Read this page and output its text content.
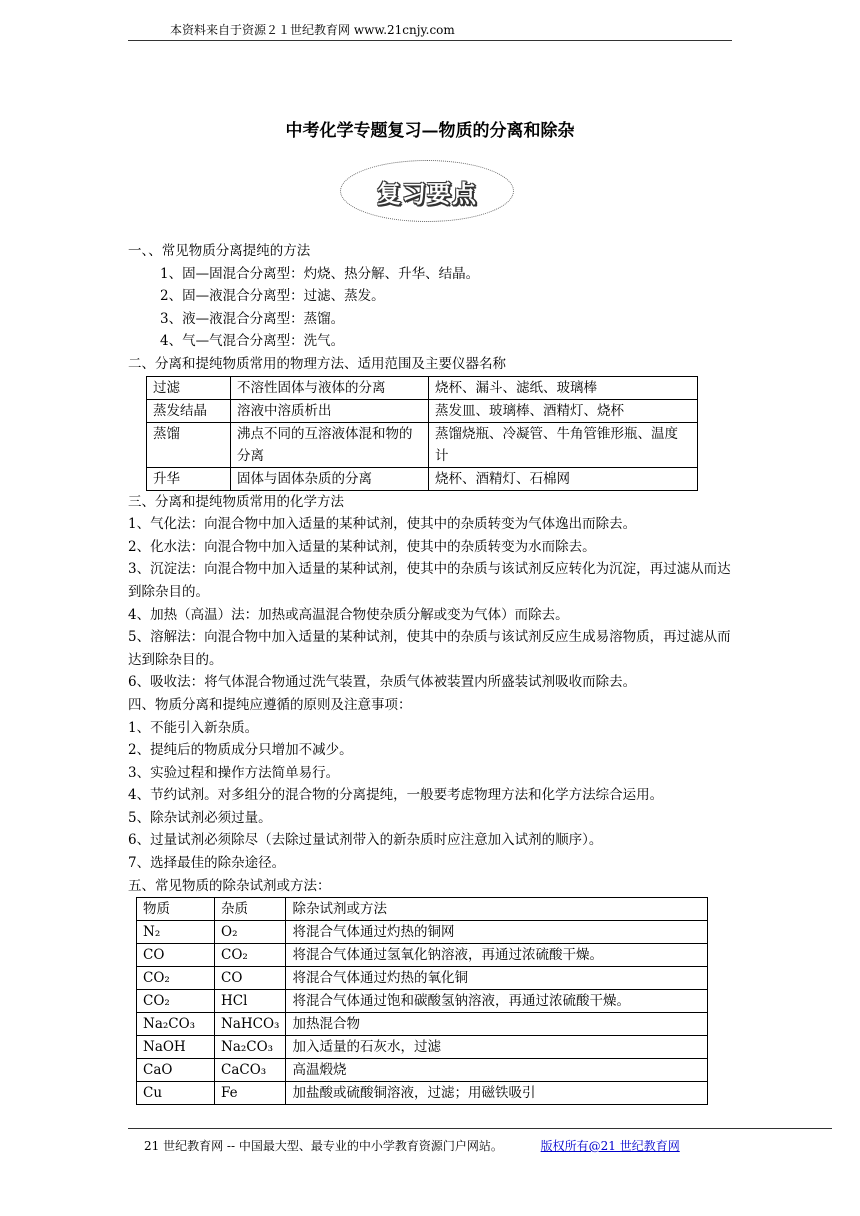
本资料来自于资源２１世纪教育网 www.21cnjy.com
中考化学专题复习—物质的分离和除杂
复习要点
一、、常见物质分离提纯的方法
1、固—固混合分离型：灼烧、热分解、升华、结晶。
2、固—液混合分离型：过滤、蒸发。
3、液—液混合分离型：蒸馏。
4、气—气混合分离型：洗气。
二、分离和提纯物质常用的物理方法、适用范围及主要仪器名称
过滤	不溶性固体与液体的分离	烧杯、漏斗、滤纸、玻璃棒
蒸发结晶	溶液中溶质析出	蒸发皿、玻璃棒、酒精灯、烧杯
蒸馏	沸点不同的互溶液体混和物的分离	蒸馏烧瓶、冷凝管、牛角管锥形瓶、温度计
升华	固体与固体杂质的分离	烧杯、酒精灯、石棉网
三、分离和提纯物质常用的化学方法
1、气化法：向混合物中加入适量的某种试剂，使其中的杂质转变为气体逸出而除去。
2、化水法：向混合物中加入适量的某种试剂，使其中的杂质转变为水而除去。
3、沉淀法：向混合物中加入适量的某种试剂，使其中的杂质与该试剂反应转化为沉淀，再过滤从而达到除杂目的。
4、加热（高温）法：加热或高温混合物使杂质分解或变为气体）而除去。
5、溶解法：向混合物中加入适量的某种试剂，使其中的杂质与该试剂反应生成易溶物质，再过滤从而达到除杂目的。
6、吸收法：将气体混合物通过洗气装置，杂质气体被装置内所盛装试剂吸收而除去。
四、物质分离和提纯应遵循的原则及注意事项：
1、不能引入新杂质。
2、提纯后的物质成分只增加不减少。
3、实验过程和操作方法简单易行。
4、节约试剂。对多组分的混合物的分离提纯，一般要考虑物理方法和化学方法综合运用。
5、除杂试剂必须过量。
6、过量试剂必须除尽（去除过量试剂带入的新杂质时应注意加入试剂的顺序）。
7、选择最佳的除杂途径。
五、常见物质的除杂试剂或方法：
物质	杂质	除杂试剂或方法
N₂	O₂	将混合气体通过灼热的铜网
CO	CO₂	将混合气体通过氢氧化钠溶液，再通过浓硫酸干燥。
CO₂	CO	将混合气体通过灼热的氧化铜
CO₂	HCl	将混合气体通过饱和碳酸氢钠溶液，再通过浓硫酸干燥。
Na₂CO₃	NaHCO₃	加热混合物
NaOH	Na₂CO₃	加入适量的石灰水，过滤
CaO	CaCO₃	高温煅烧
Cu	Fe	加盐酸或硫酸铜溶液，过滤；用磁铁吸引
21 世纪教育网 -- 中国最大型、最专业的中小学教育资源门户网站。	版权所有@21 世纪教育网
